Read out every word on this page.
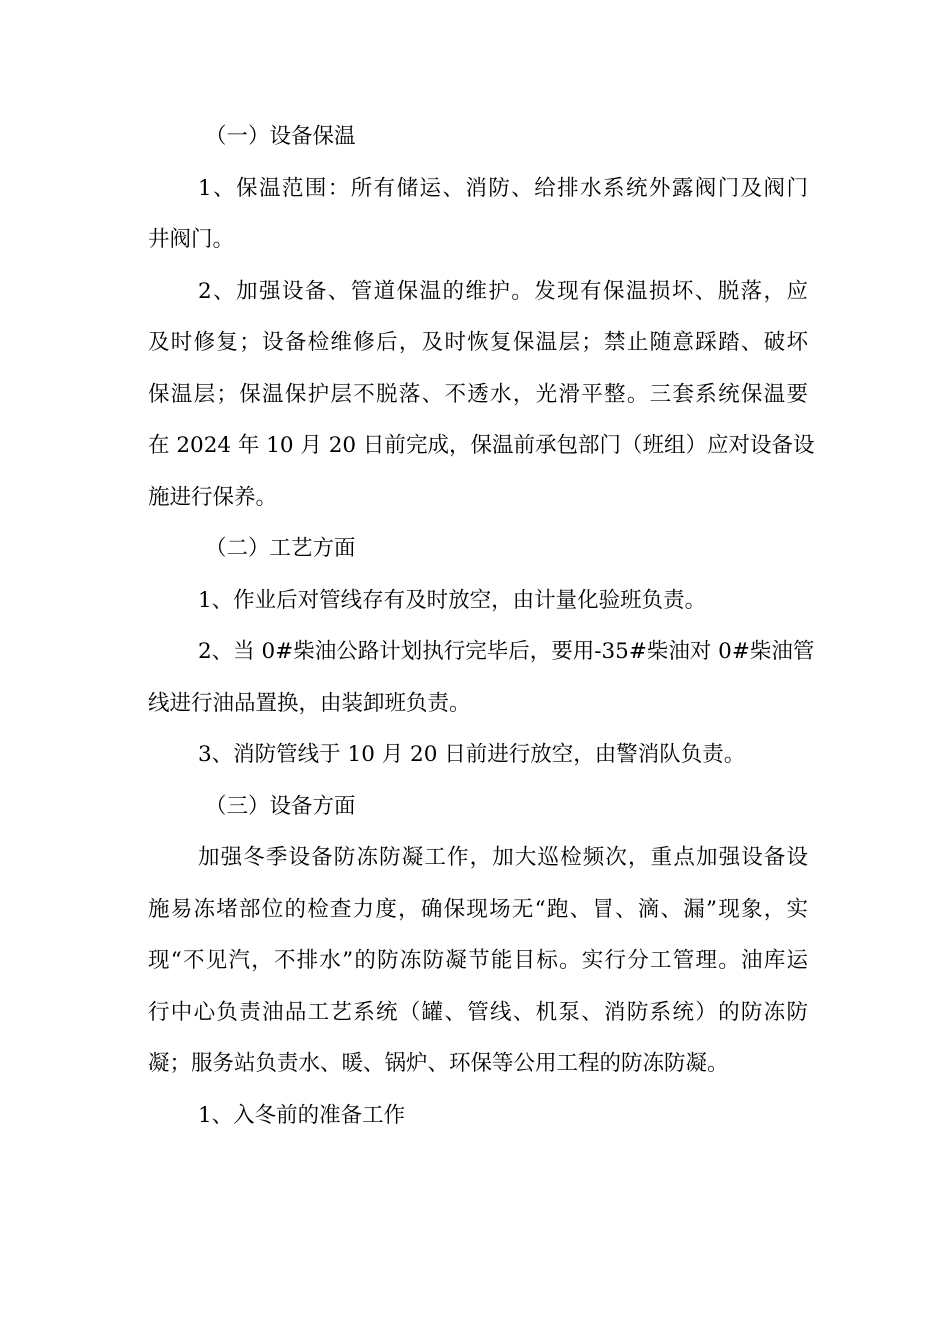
（一）设备保温
1、保温范围：所有储运、消防、给排水系统外露阀门及阀门
井阀门。
2、加强设备、管道保温的维护。发现有保温损坏、脱落，应
及时修复；设备检维修后，及时恢复保温层；禁止随意踩踏、破坏
保温层；保温保护层不脱落、不透水，光滑平整。三套系统保温要
在 2024 年 10 月 20 日前完成，保温前承包部门（班组）应对设备设
施进行保养。
（二）工艺方面
1、作业后对管线存有及时放空，由计量化验班负责。
2、当 0#柴油公路计划执行完毕后，要用-35#柴油对 0#柴油管
线进行油品置换，由装卸班负责。
3、消防管线于 10 月 20 日前进行放空，由警消队负责。
（三）设备方面
加强冬季设备防冻防凝工作，加大巡检频次，重点加强设备设
施易冻堵部位的检查力度，确保现场无“跑、冒、滴、漏”现象，实
现“不见汽，不排水”的防冻防凝节能目标。实行分工管理。油库运
行中心负责油品工艺系统（罐、管线、机泵、消防系统）的防冻防
凝；服务站负责水、暖、锅炉、环保等公用工程的防冻防凝。
1、入冬前的准备工作
